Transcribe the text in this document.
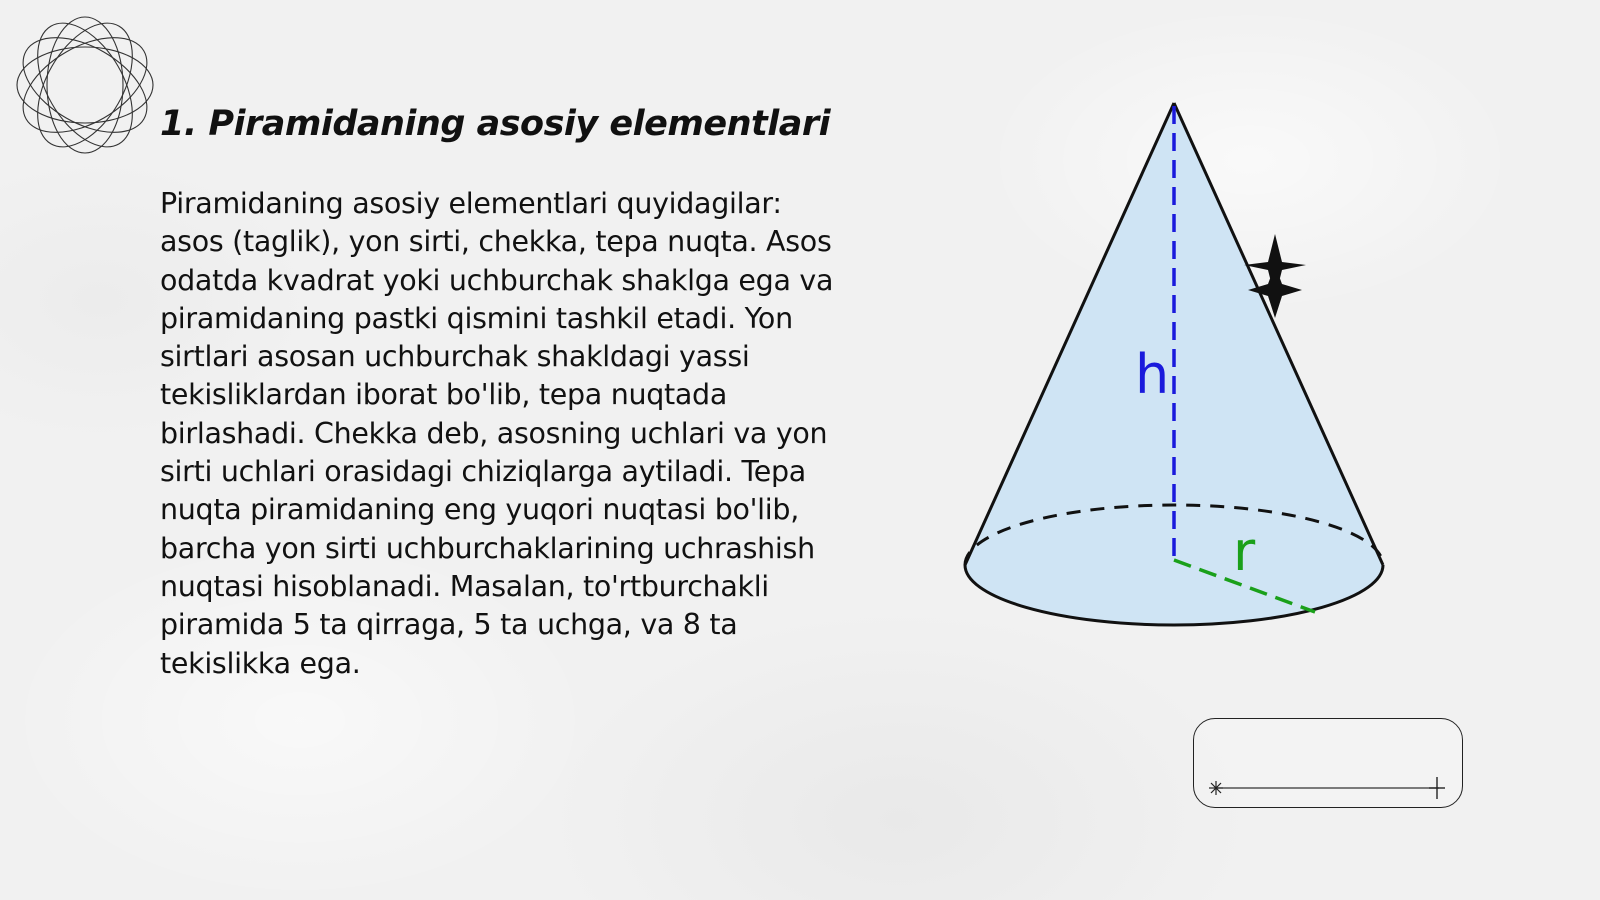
1. Piramidaning asosiy elementlari

Piramidaning asosiy elementlari quyidagilar: asos (taglik), yon sirti, chekka, tepa nuqta. Asos odatda kvadrat yoki uchburchak shaklga ega va piramidaning pastki qismini tashkil etadi. Yon sirtlari asosan uchburchak shakldagi yassi tekisliklardan iborat bo'lib, tepa nuqtada birlashadi. Chekka deb, asosning uchlari va yon sirti uchlari orasidagi chiziqlarga aytiladi. Tepa nuqta piramidaning eng yuqori nuqtasi bo'lib, barcha yon sirti uchburchaklarining uchrashish nuqtasi hisoblanadi. Masalan, to'rtburchakli piramida 5 ta qirraga, 5 ta uchga, va 8 ta tekislikka ega.

h
r
